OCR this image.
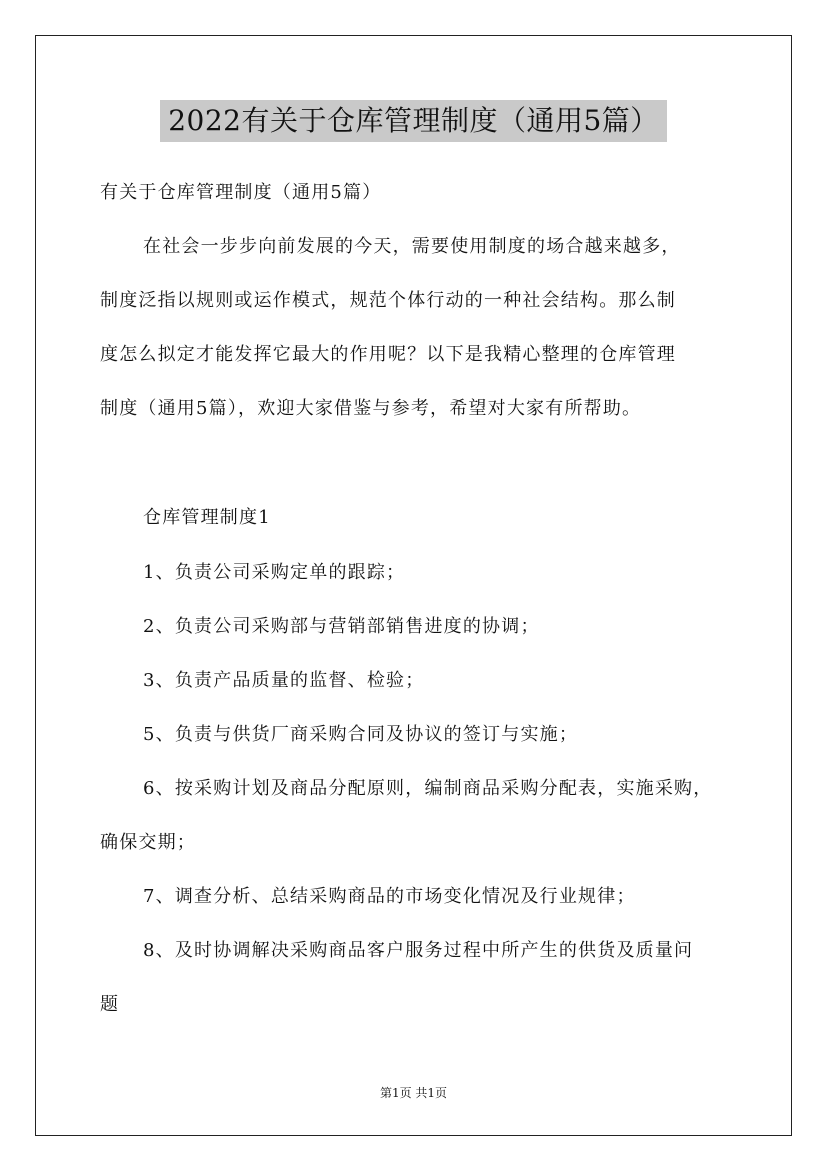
2022有关于仓库管理制度（通用5篇）
有关于仓库管理制度（通用5篇）
在社会一步步向前发展的今天，需要使用制度的场合越来越多，
制度泛指以规则或运作模式，规范个体行动的一种社会结构。那么制
度怎么拟定才能发挥它最大的作用呢？以下是我精心整理的仓库管理
制度（通用5篇），欢迎大家借鉴与参考，希望对大家有所帮助。
仓库管理制度1
1、负责公司采购定单的跟踪；
2、负责公司采购部与营销部销售进度的协调；
3、负责产品质量的监督、检验；
5、负责与供货厂商采购合同及协议的签订与实施；
6、按采购计划及商品分配原则，编制商品采购分配表，实施采购，
确保交期；
7、调查分析、总结采购商品的市场变化情况及行业规律；
8、及时协调解决采购商品客户服务过程中所产生的供货及质量问
题
第1页 共1页
